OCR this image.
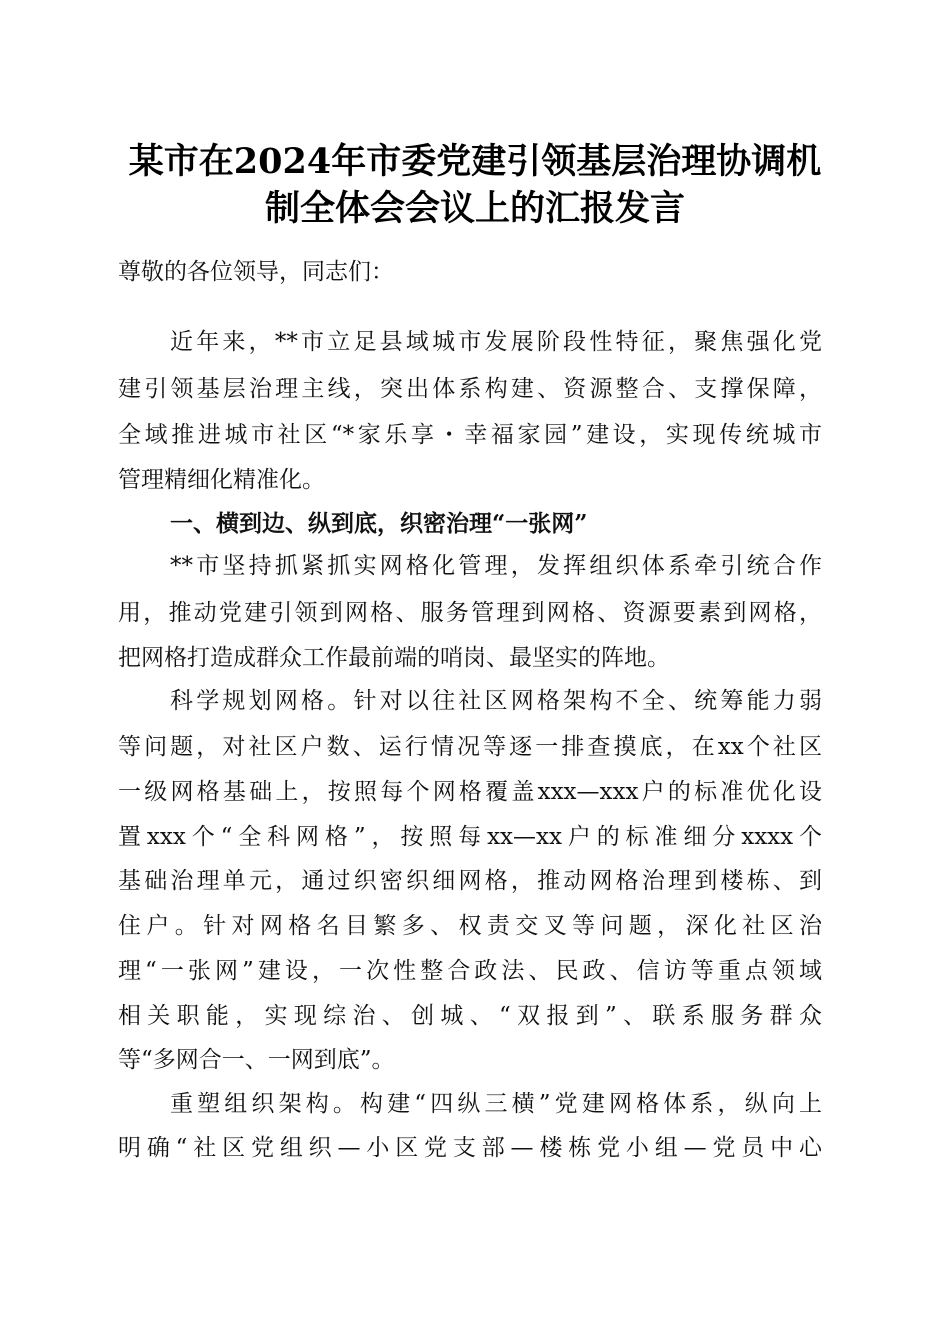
某市在2024年市委党建引领基层治理协调机
制全体会会议上的汇报发言
尊敬的各位领导，同志们：
近年来，**市立足县域城市发展阶段性特征，聚焦强化党
建引领基层治理主线，突出体系构建、资源整合、支撑保障，
全域推进城市社区“*家乐享・幸福家园”建设，实现传统城市
管理精细化精准化。
一、横到边、纵到底，织密治理“一张网”
**市坚持抓紧抓实网格化管理，发挥组织体系牵引统合作
用，推动党建引领到网格、服务管理到网格、资源要素到网格，
把网格打造成群众工作最前端的哨岗、最坚实的阵地。
科学规划网格。针对以往社区网格架构不全、统筹能力弱
等问题，对社区户数、运行情况等逐一排查摸底，在xx个社区
一级网格基础上，按照每个网格覆盖xxx—xxx户的标准优化设
置xxx个“全科网格”，按照每xx—xx户的标准细分xxxx个
基础治理单元，通过织密织细网格，推动网格治理到楼栋、到
住户。针对网格名目繁多、权责交叉等问题，深化社区治
理“一张网”建设，一次性整合政法、民政、信访等重点领域
相关职能，实现综治、创城、“双报到”、联系服务群众
等“多网合一、一网到底”。
重塑组织架构。构建“四纵三横”党建网格体系，纵向上
明确“社区党组织—小区党支部—楼栋党小组—党员中心
